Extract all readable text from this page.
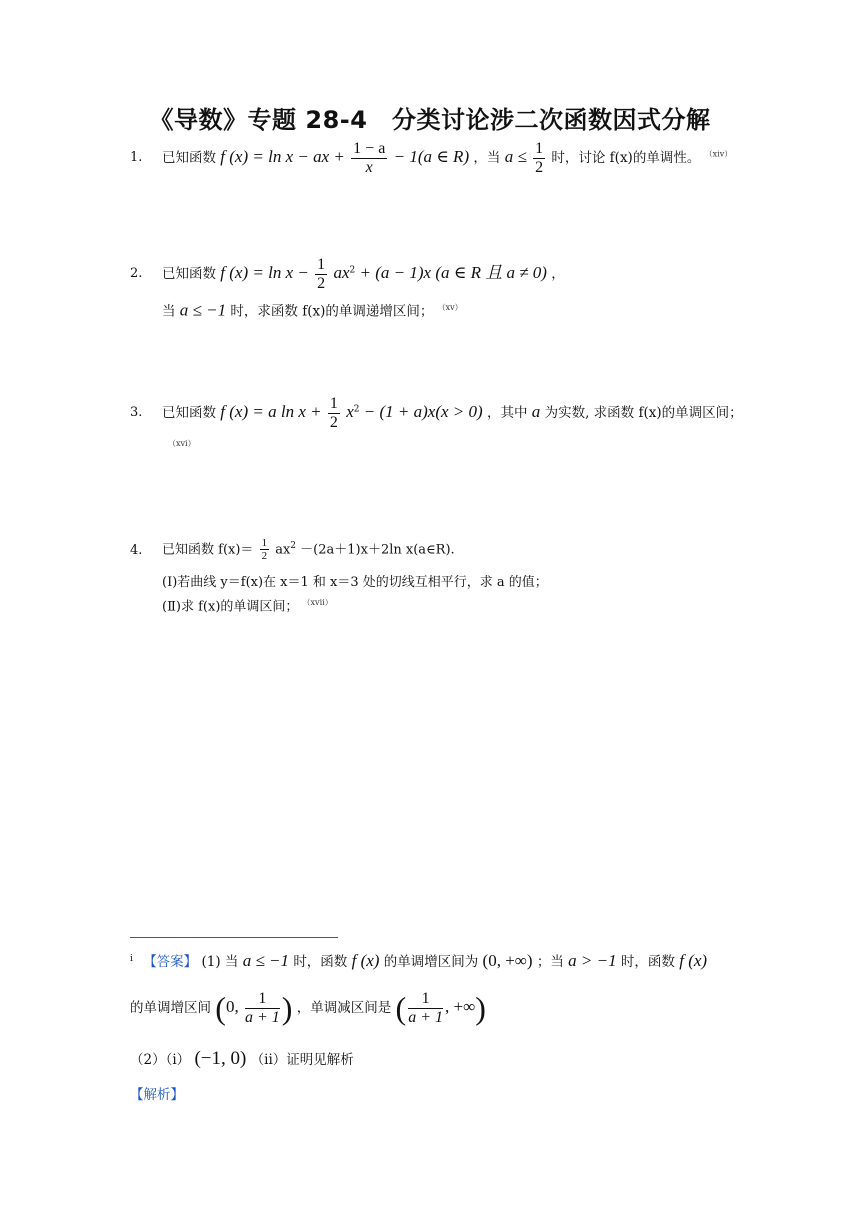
《导数》专题 28-4　分类讨论涉二次函数因式分解
1. 已知函数 f (x) = ln x − ax + $\frac{1 - a}{x} - 1(a$ ∈ R) ，当 $a \le \frac{1}{2}$ 时，讨论 f(x)的单调性。 $^{(xiv)}$
2. 已知函数 f $(x) = \ln x - \frac{1}{2} ax^2 + (a - 1)x$ (a ∈ R 且 a ≠ 0) ，
当 a ≤ −1 时，求函数 f(x)的单调递增区间； $^{(xv)}$
3. 已知函数 f (x) = a $\ln x + \frac{1}{2} x^2 - (1 + a)x(x > 0)$ ，其中 a 为实数, 求函数 f(x)的单调区间；
$^{(xvi)}$
4. 已知函数 $f(x)= \frac{1}{2} ax^2 -(2a+1)x+2\ln$ x(a∈R).
(Ⅰ)若曲线 y＝f(x)在 x＝1 和 x＝3 处的切线互相平行，求 a 的值；
(Ⅱ)求 f(x)的单调区间； $^{(xvii)}$
$^i$ 【答案】 (1) 当 a ≤ −1 时，函数 f (x) 的单调增区间为 (0, +∞) ；当 a > −1 时，函数 f (x)
的单调增区间 (0, $\frac{1}{a + 1}$ ) ，单调减区间是 ( $\frac{1}{a + 1}$ , +∞)
（2）（i） (−1, 0) （ii）证明见解析
【解析】
